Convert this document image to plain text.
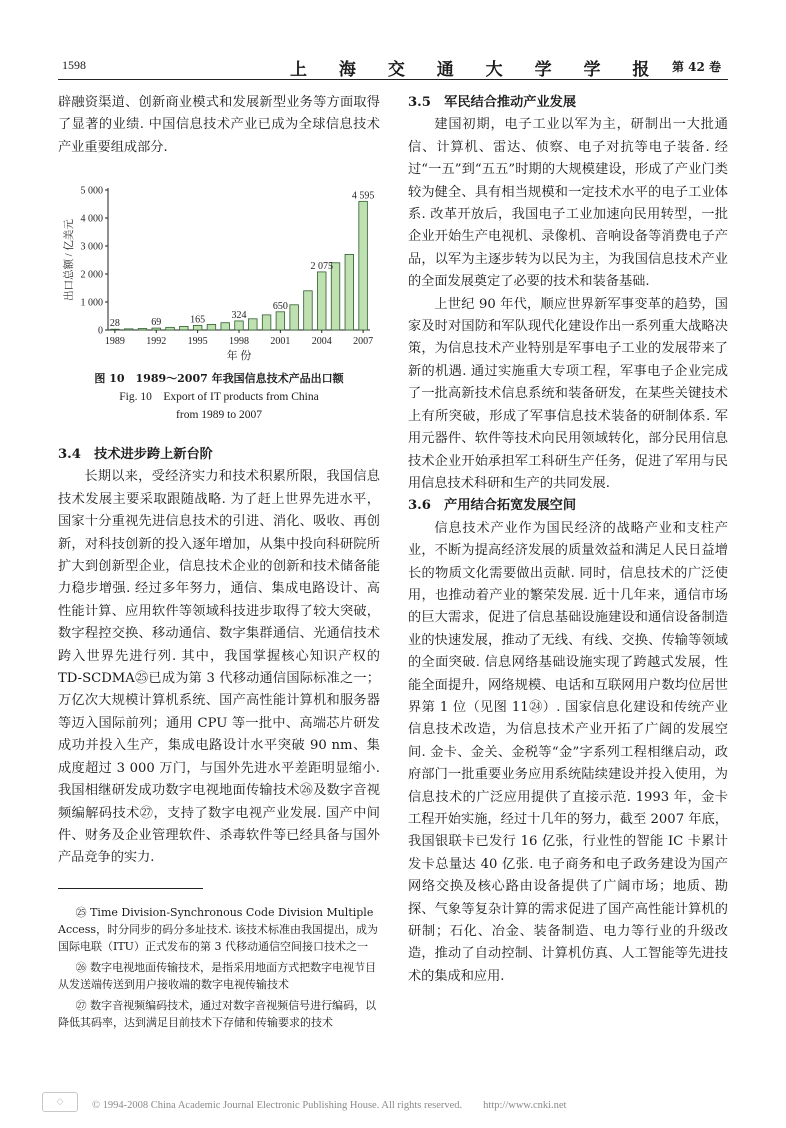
1598	上 海 交 通 大 学 学 报 第 42 卷

辟融资渠道、创新商业模式和发展新型业务等方面取得了显著的业绩. 中国信息技术产业已成为全球信息技术产业重要组成部分.

0
1 000
2 000
3 000
4 000
5 000
1989 1992 1995 1998 2001 2004 2007
28	69	165	324
650
2 075
4 595
年 份
出口总额 / 亿美元
图 10　1989～2007 年我国信息技术产品出口额
Fig. 10　Export of IT products from China
from 1989 to 2007

3.4　技术进步跨上新台阶

长期以来，受经济实力和技术积累所限，我国信息技术发展主要采取跟随战略. 为了赶上世界先进水平，国家十分重视先进信息技术的引进、消化、吸收、再创新，对科技创新的投入逐年增加，从集中投向科研院所扩大到创新型企业，信息技术企业的创新和技术储备能力稳步增强. 经过多年努力，通信、集成电路设计、高性能计算、应用软件等领域科技进步取得了较大突破，数字程控交换、移动通信、数字集群通信、光通信技术跨入世界先进行列. 其中，我国掌握核心知识产权的 TD-SCDMA㉕已成为第 3 代移动通信国际标准之一；万亿次大规模计算机系统、国产高性能计算机和服务器等迈入国际前列；通用 CPU 等一批中、高端芯片研发成功并投入生产，集成电路设计水平突破 90 nm、集成度超过 3 000 万门，与国外先进水平差距明显缩小. 我国相继研发成功数字电视地面传输技术㉖及数字音视频编解码技术㉗，支持了数字电视产业发展. 国产中间件、财务及企业管理软件、杀毒软件等已经具备与国外产品竞争的实力.

㉕ Time Division-Synchronous Code Division Multiple Access，时分同步的码分多址技术. 该技术标准由我国提出，成为国际电联（ITU）正式发布的第 3 代移动通信空间接口技术之一

㉖ 数字电视地面传输技术，是指采用地面方式把数字电视节目从发送端传送到用户接收端的数字电视传输技术

㉗ 数字音视频编码技术，通过对数字音视频信号进行编码，以降低其码率，达到满足目前技术下存储和传输要求的技术

3.5　军民结合推动产业发展

建国初期，电子工业以军为主，研制出一大批通信、计算机、雷达、侦察、电子对抗等电子装备. 经过“一五”到“五五”时期的大规模建设，形成了产业门类较为健全、具有相当规模和一定技术水平的电子工业体系. 改革开放后，我国电子工业加速向民用转型，一批企业开始生产电视机、录像机、音响设备等消费电子产品，以军为主逐步转为以民为主，为我国信息技术产业的全面发展奠定了必要的技术和装备基础.

上世纪 90 年代，顺应世界新军事变革的趋势，国家及时对国防和军队现代化建设作出一系列重大战略决策，为信息技术产业特别是军事电子工业的发展带来了新的机遇. 通过实施重大专项工程，军事电子企业完成了一批高新技术信息系统和装备研发，在某些关键技术上有所突破，形成了军事信息技术装备的研制体系. 军用元器件、软件等技术向民用领域转化，部分民用信息技术企业开始承担军工科研生产任务，促进了军用与民用信息技术科研和生产的共同发展.

3.6　产用结合拓宽发展空间

信息技术产业作为国民经济的战略产业和支柱产业，不断为提高经济发展的质量效益和满足人民日益增长的物质文化需要做出贡献. 同时，信息技术的广泛使用，也推动着产业的繁荣发展. 近十几年来，通信市场的巨大需求，促进了信息基础设施建设和通信设备制造业的快速发展，推动了无线、有线、交换、传输等领域的全面突破. 信息网络基础设施实现了跨越式发展，性能全面提升，网络规模、电话和互联网用户数均位居世界第 1 位（见图 11㉔）. 国家信息化建设和传统产业信息技术改造，为信息技术产业开拓了广阔的发展空间. 金卡、金关、金税等“金”字系列工程相继启动，政府部门一批重要业务应用系统陆续建设并投入使用，为信息技术的广泛应用提供了直接示范. 1993 年，金卡工程开始实施，经过十几年的努力，截至 2007 年底，我国银联卡已发行 16 亿张，行业性的智能 IC 卡累计发卡总量达 40 亿张. 电子商务和电子政务建设为国产网络交换及核心路由设备提供了广阔市场；地质、勘探、气象等复杂计算的需求促进了国产高性能计算机的研制；石化、冶金、装备制造、电力等行业的升级改造，推动了自动控制、计算机仿真、人工智能等先进技术的集成和应用.

◇	© 1994-2008 China Academic Journal Electronic Publishing House. All rights reserved.　　http://www.cnki.net
